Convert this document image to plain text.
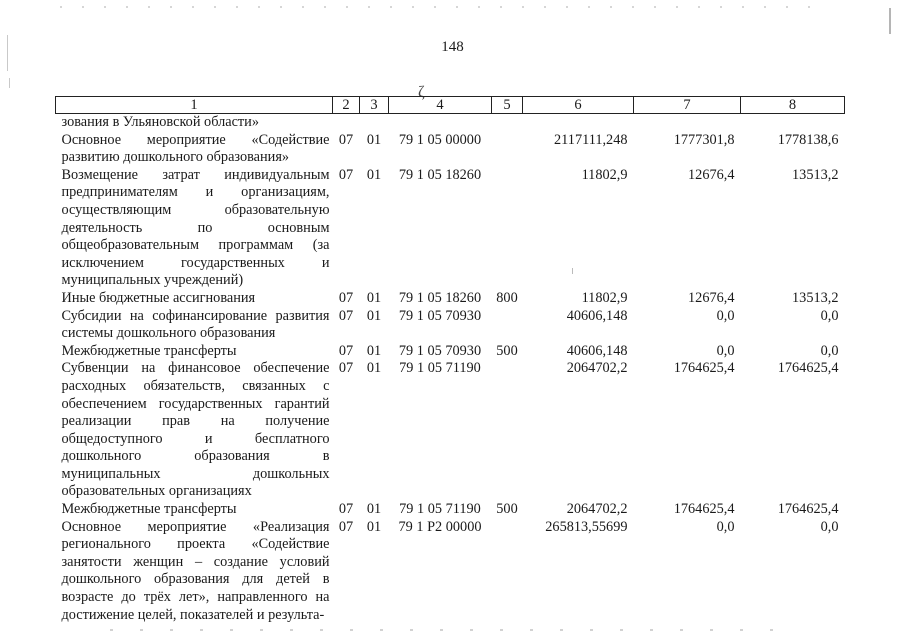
148
ζ
1	2	3	4	5	6	7	8
зования в Ульяновской области»							
Основное мероприятие «Содействие развитию дошкольного образования»	07	01	79 1 05 00000		2117111,248	1777301,8	1778138,6
Возмещение затрат индивидуальным предпринимателям и организациям, осуществляющим образовательную деятельность по основным общеобразовательным программам (за исключением государственных и муниципальных учреждений)	07	01	79 1 05 18260		11802,9	12676,4	13513,2
Иные бюджетные ассигнования	07	01	79 1 05 18260	800	11802,9	12676,4	13513,2
Субсидии на софинансирование развития системы дошкольного образования	07	01	79 1 05 70930		40606,148	0,0	0,0
Межбюджетные трансферты	07	01	79 1 05 70930	500	40606,148	0,0	0,0
Субвенции на финансовое обеспечение расходных обязательств, связанных с обеспечением государственных гарантий реализации прав на получение общедоступного и бесплатного дошкольного образования в муниципальных дошкольных образовательных организациях	07	01	79 1 05 71190		2064702,2	1764625,4	1764625,4
Межбюджетные трансферты	07	01	79 1 05 71190	500	2064702,2	1764625,4	1764625,4
Основное мероприятие «Реализация регионального проекта «Содействие занятости женщин – создание условий дошкольного образования для детей в возрасте до трёх лет», направленного на достижение целей, показателей и результа-	07	01	79 1 P2 00000		265813,55699	0,0	0,0
